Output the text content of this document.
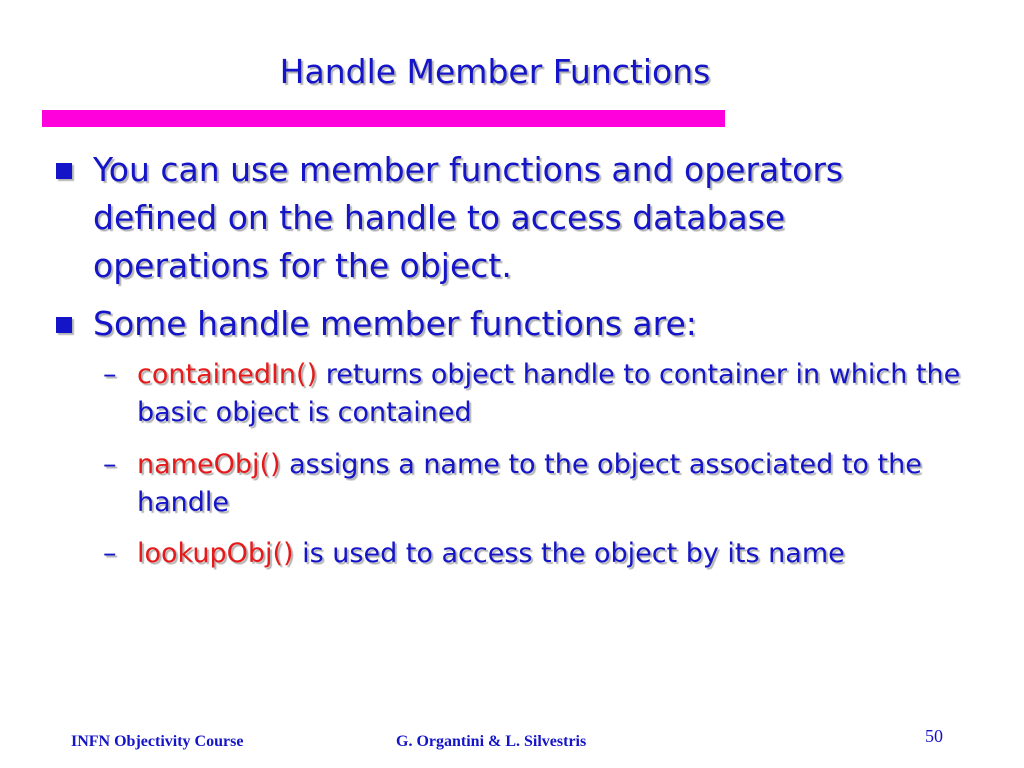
Handle Member Functions
You can use member functions and operators defined on the handle to access database operations for the object.
Some handle member functions are:
– containedIn() returns object handle to container in which the basic object is contained
– nameObj() assigns a name to the object associated to the handle
– lookupObj() is used to access the object by its name
INFN Objectivity Course	G. Organtini & L. Silvestris	50
